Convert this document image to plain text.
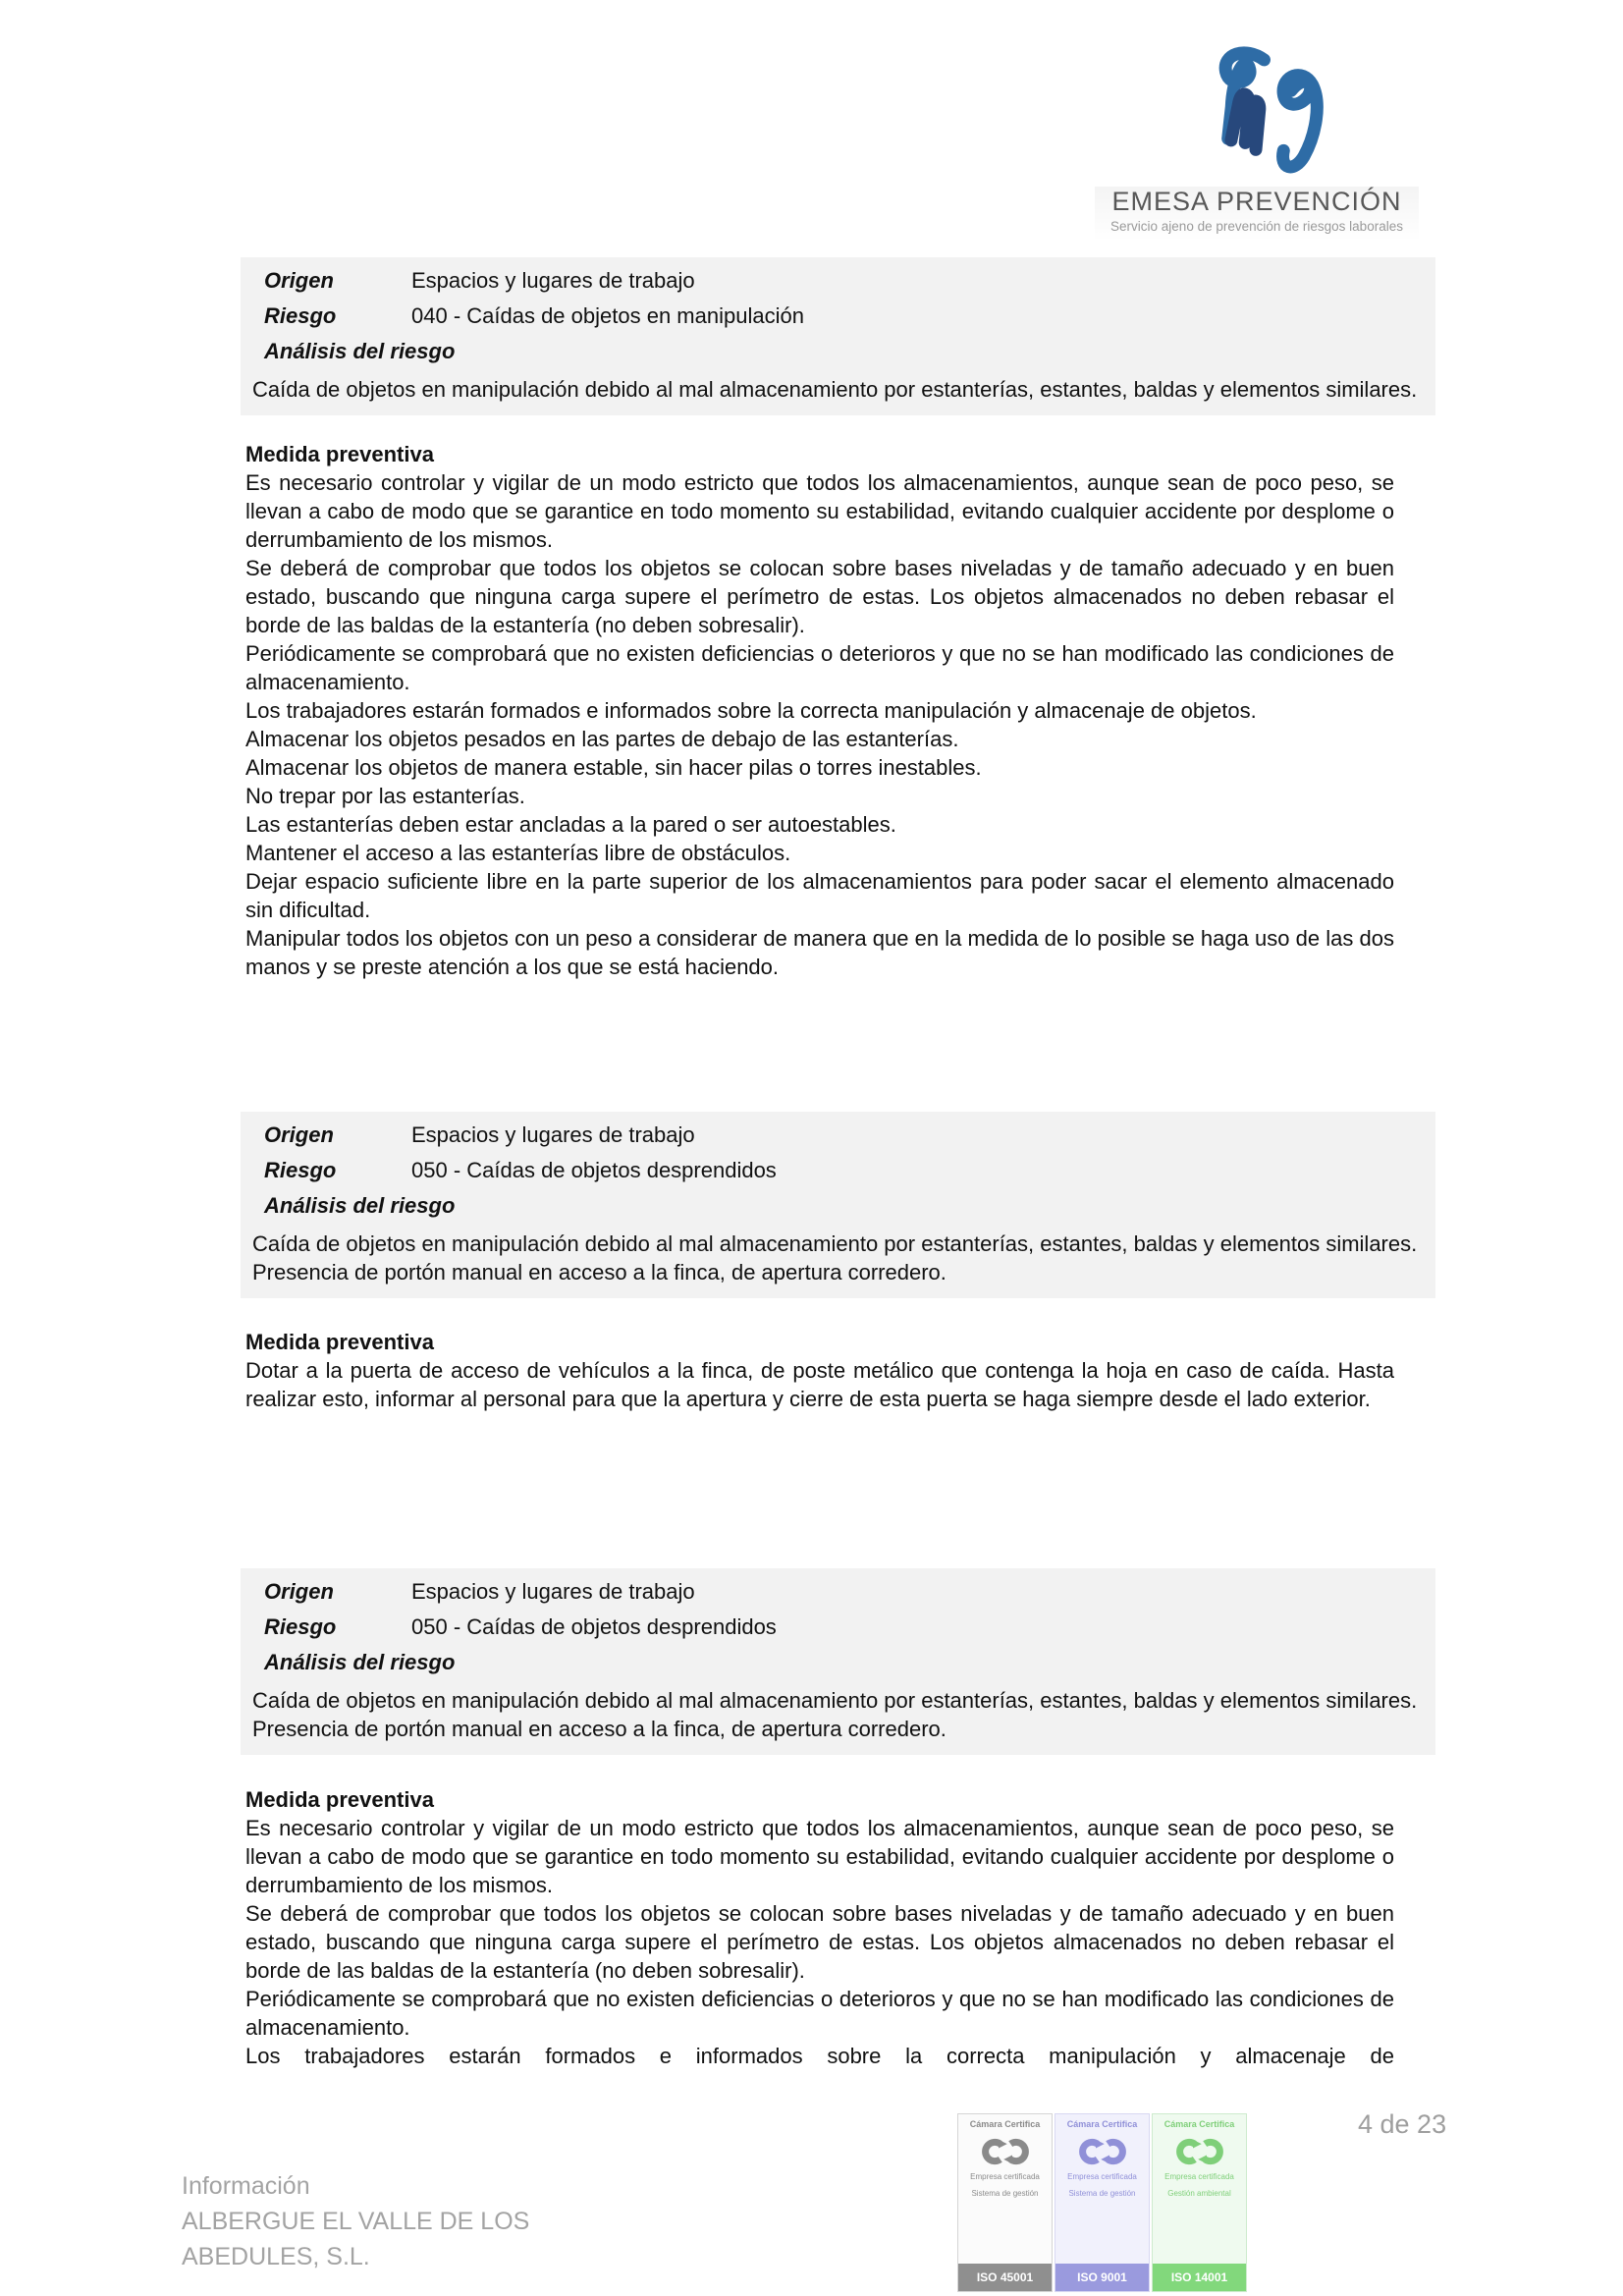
EMESA PREVENCIÓN
Servicio ajeno de prevención de riesgos laborales
Origen	Espacios y lugares de trabajo
Riesgo	040 - Caídas de objetos en manipulación
Análisis del riesgo

Caída de objetos en manipulación debido al mal almacenamiento por estanterías, estantes, baldas y elementos similares.

Medida preventiva

Es necesario controlar y vigilar de un modo estricto que todos los almacenamientos, aunque sean de poco peso, se llevan a cabo de modo que se garantice en todo momento su estabilidad, evitando cualquier accidente por desplome o derrumbamiento de los mismos.

Se deberá de comprobar que todos los objetos se colocan sobre bases niveladas y de tamaño adecuado y en buen estado, buscando que ninguna carga supere el perímetro de estas. Los objetos almacenados no deben rebasar el borde de las baldas de la estantería (no deben sobresalir).

Periódicamente se comprobará que no existen deficiencias o deterioros y que no se han modificado las condiciones de almacenamiento.

Los trabajadores estarán formados e informados sobre la correcta manipulación y almacenaje de objetos.

Almacenar los objetos pesados en las partes de debajo de las estanterías.

Almacenar los objetos de manera estable, sin hacer pilas o torres inestables.

No trepar por las estanterías.

Las estanterías deben estar ancladas a la pared o ser autoestables.

Mantener el acceso a las estanterías libre de obstáculos.

Dejar espacio suficiente libre en la parte superior de los almacenamientos para poder sacar el elemento almacenado sin dificultad.

Manipular todos los objetos con un peso a considerar de manera que en la medida de lo posible se haga uso de las dos manos y se preste atención a los que se está haciendo.

Origen	Espacios y lugares de trabajo
Riesgo	050 - Caídas de objetos desprendidos
Análisis del riesgo

Caída de objetos en manipulación debido al mal almacenamiento por estanterías, estantes, baldas y elementos similares.

Presencia de portón manual en acceso a la finca, de apertura corredero.

Medida preventiva

Dotar a la puerta de acceso de vehículos a la finca, de poste metálico que contenga la hoja en caso de caída. Hasta realizar esto, informar al personal para que la apertura y cierre de esta puerta se haga siempre desde el lado exterior.

Origen	Espacios y lugares de trabajo
Riesgo	050 - Caídas de objetos desprendidos
Análisis del riesgo

Caída de objetos en manipulación debido al mal almacenamiento por estanterías, estantes, baldas y elementos similares.

Presencia de portón manual en acceso a la finca, de apertura corredero.

Medida preventiva

Es necesario controlar y vigilar de un modo estricto que todos los almacenamientos, aunque sean de poco peso, se llevan a cabo de modo que se garantice en todo momento su estabilidad, evitando cualquier accidente por desplome o derrumbamiento de los mismos.

Se deberá de comprobar que todos los objetos se colocan sobre bases niveladas y de tamaño adecuado y en buen estado, buscando que ninguna carga supere el perímetro de estas. Los objetos almacenados no deben rebasar el borde de las baldas de la estantería (no deben sobresalir).

Periódicamente se comprobará que no existen deficiencias o deterioros y que no se han modificado las condiciones de almacenamiento.

Los trabajadores estarán formados e informados sobre la correcta manipulación y almacenaje de

Información
ALBERGUE EL VALLE DE LOS
ABEDULES, S.L.
Cámara Certifica
Empresa certificada
Sistema de gestión
ISO 45001
Cámara Certifica
Empresa certificada
Sistema de gestión
ISO 9001
Cámara Certifica
Empresa certificada
Gestión ambiental
ISO 14001
4 de 23
